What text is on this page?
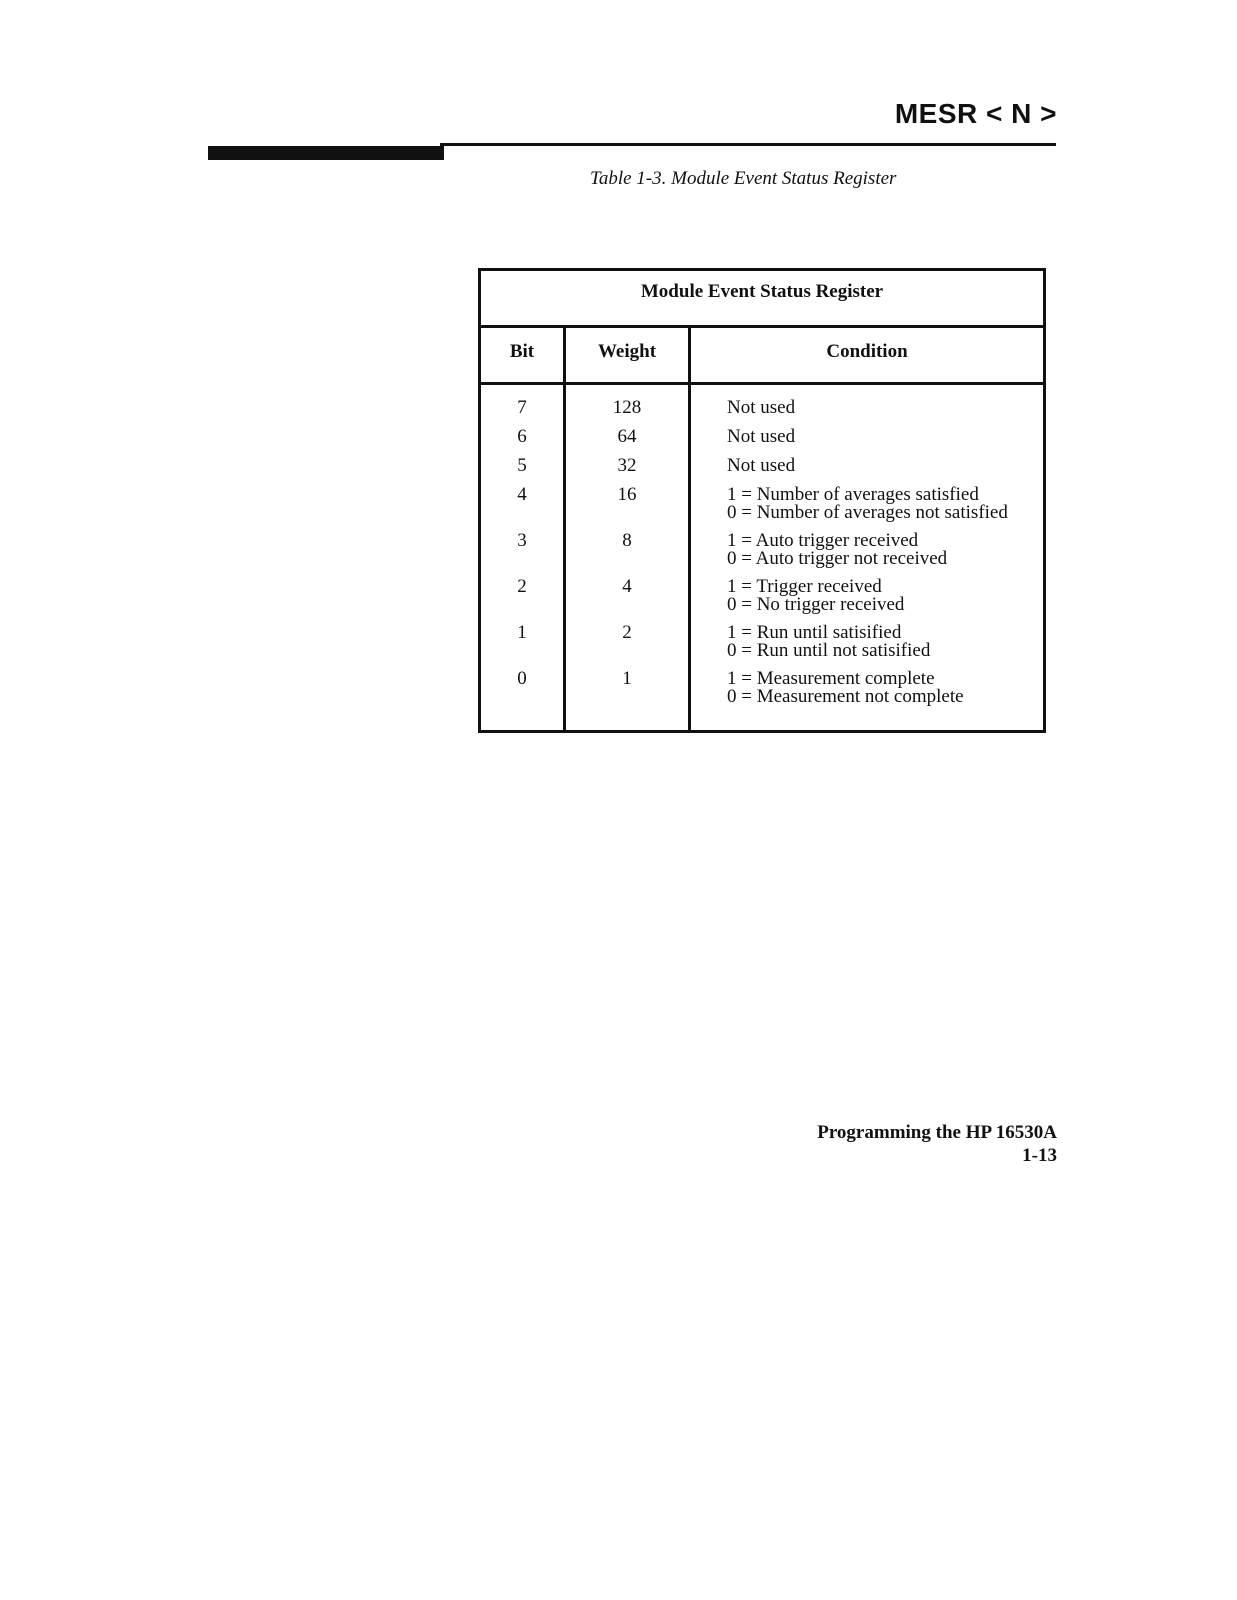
MESR < N >
Table 1-3. Module Event Status Register
Module Event Status Register
Bit	Weight	Condition
7	128	Not used
6	64	Not used
5	32	Not used
4	16	1 = Number of averages satisfied
0 = Number of averages not satisfied
3	8	1 = Auto trigger received
0 = Auto trigger not received
2	4	1 = Trigger received
0 = No trigger received
1	2	1 = Run until satisified
0 = Run until not satisified
0	1	1 = Measurement complete
0 = Measurement not complete
Programming the HP 16530A
1-13
